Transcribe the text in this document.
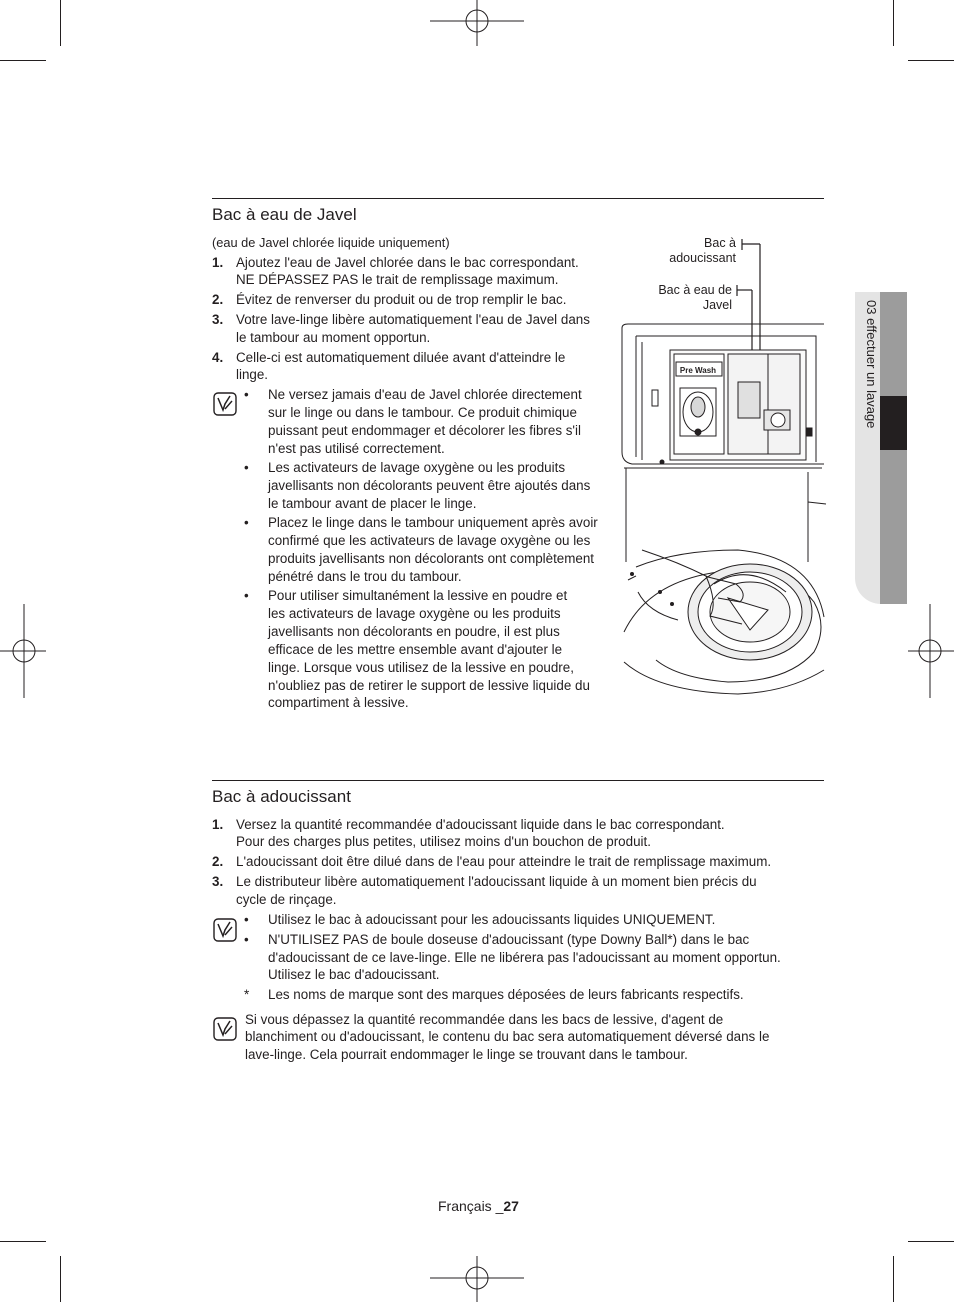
03 effectuer un lavage
Bac à eau de Javel
(eau de Javel chlorée liquide uniquement)
1. Ajoutez l'eau de Javel chlorée dans le bac correspondant.
NE DÉPASSEZ PAS le trait de remplissage maximum.
2. Évitez de renverser du produit ou de trop remplir le bac.
3. Votre lave-linge libère automatiquement l'eau de Javel dans
le tambour au moment opportun.
4. Celle-ci est automatiquement diluée avant d'atteindre le
linge.
• Ne versez jamais d'eau de Javel chlorée directement
sur le linge ou dans le tambour. Ce produit chimique
puissant peut endommager et décolorer les fibres s'il
n'est pas utilisé correctement.
• Les activateurs de lavage oxygène ou les produits
javellisants non décolorants peuvent être ajoutés dans
le tambour avant de placer le linge.
• Placez le linge dans le tambour uniquement après avoir
confirmé que les activateurs de lavage oxygène ou les
produits javellisants non décolorants ont complètement
pénétré dans le trou du tambour.
• Pour utiliser simultanément la lessive en poudre et
les activateurs de lavage oxygène ou les produits
javellisants non décolorants en poudre, il est plus
efficace de les mettre ensemble avant d'ajouter le
linge. Lorsque vous utilisez de la lessive en poudre,
n'oubliez pas de retirer le support de lessive liquide du
compartiment à lessive.
Bac à
adoucissant
Bac à eau de
Javel
Pre Wash
Bac à adoucissant
1. Versez la quantité recommandée d'adoucissant liquide dans le bac correspondant.
Pour des charges plus petites, utilisez moins d'un bouchon de produit.
2. L'adoucissant doit être dilué dans de l'eau pour atteindre le trait de remplissage maximum.
3. Le distributeur libère automatiquement l'adoucissant liquide à un moment bien précis du
cycle de rinçage.
• Utilisez le bac à adoucissant pour les adoucissants liquides UNIQUEMENT.
• N'UTILISEZ PAS de boule doseuse d'adoucissant (type Downy Ball*) dans le bac
d'adoucissant de ce lave-linge. Elle ne libérera pas l'adoucissant au moment opportun.
Utilisez le bac d'adoucissant.
* Les noms de marque sont des marques déposées de leurs fabricants respectifs.
Si vous dépassez la quantité recommandée dans les bacs de lessive, d'agent de
blanchiment ou d'adoucissant, le contenu du bac sera automatiquement déversé dans le
lave-linge. Cela pourrait endommager le linge se trouvant dans le tambour.
Français _27
